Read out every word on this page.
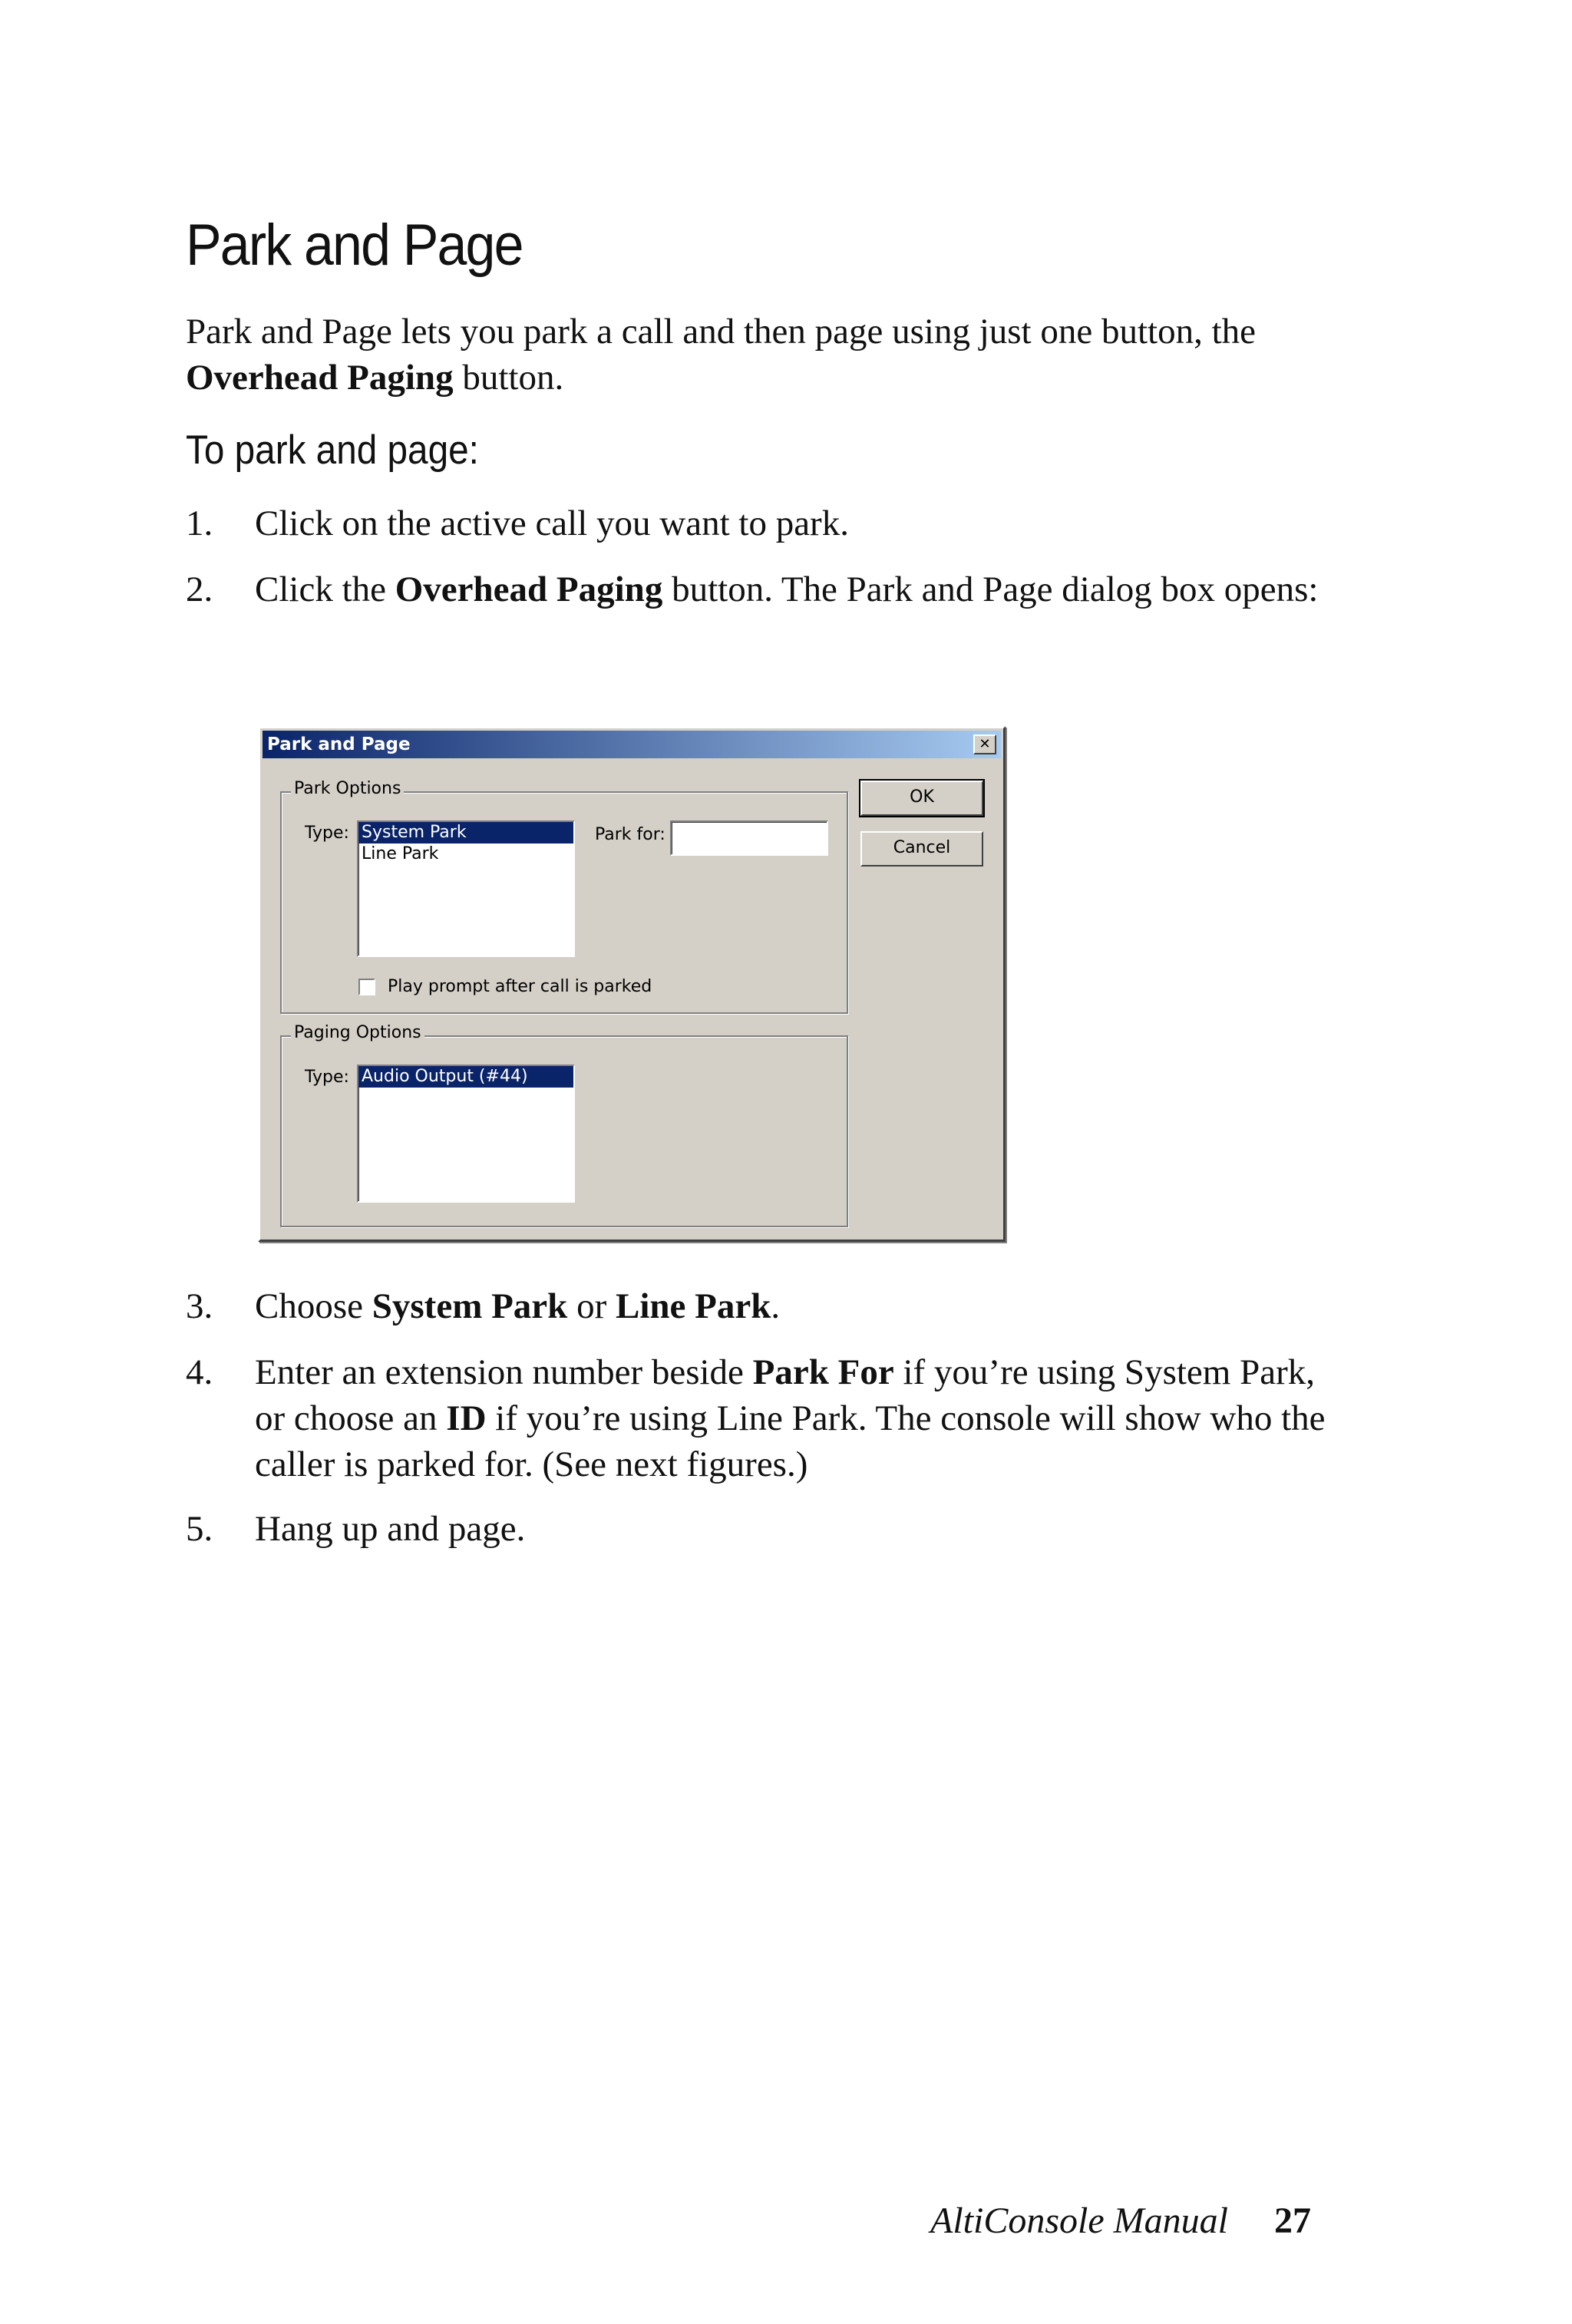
Park and Page

Park and Page lets you park a call and then page using just one button, the Overhead Paging button.

To park and page:
1. Click on the active call you want to park.

2. Click the Overhead Paging button. The Park and Page dialog box opens:

Park and Page	✕
Park Options
Type: System Park
Line Park
Park for:
Play prompt after call is parked
Paging Options
Type: Audio Output (#44)
OK
Cancel
3. Choose System Park or Line Park.

4. Enter an extension number beside Park For if you’re using System Park, or choose an ID if you’re using Line Park. The console will show who the caller is parked for. (See next figures.)

5. Hang up and page.

AltiConsole Manual 27
